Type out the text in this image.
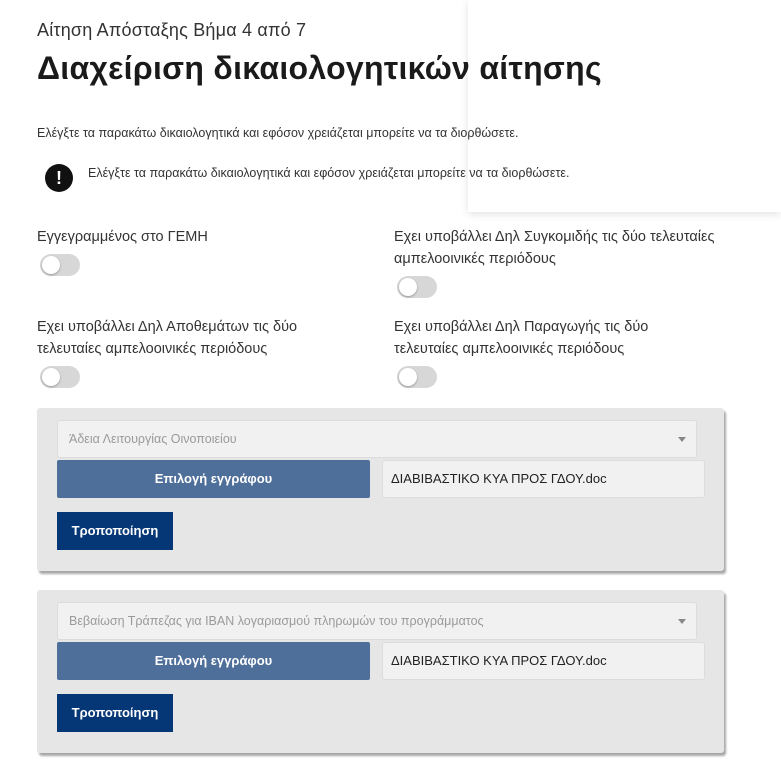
Αίτηση Απόσταξης Βήμα 4 από 7
Διαχείριση δικαιολογητικών αίτησης
Ελέγξτε τα παρακάτω δικαιολογητικά και εφόσον χρειάζεται μπορείτε να τα διορθώσετε.
!	Ελέγξτε τα παρακάτω δικαιολογητικά και εφόσον χρειάζεται μπορείτε να τα διορθώσετε.
Εγγεγραμμένος στο ΓΕΜΗ	Εχει υποβάλλει Δηλ Συγκομιδής τις δύο τελευταίες αμπελοοινικές περιόδους
Εχει υποβάλλει Δηλ Αποθεμάτων τις δύο τελευταίες αμπελοοινικές περιόδους
Εχει υποβάλλει Δηλ Παραγωγής τις δύο τελευταίες αμπελοοινικές περιόδους
Άδεια Λειτουργίας Οινοποιείου
Επιλογή εγγράφου	ΔΙΑΒΙΒΑΣΤΙΚΟ ΚΥΑ ΠΡΟΣ ΓΔΟΥ.doc
Τροποποίηση
Βεβαίωση Τράπεζας για IBAN λογαριασμού πληρωμών του προγράμματος
Επιλογή εγγράφου	ΔΙΑΒΙΒΑΣΤΙΚΟ ΚΥΑ ΠΡΟΣ ΓΔΟΥ.doc
Τροποποίηση
